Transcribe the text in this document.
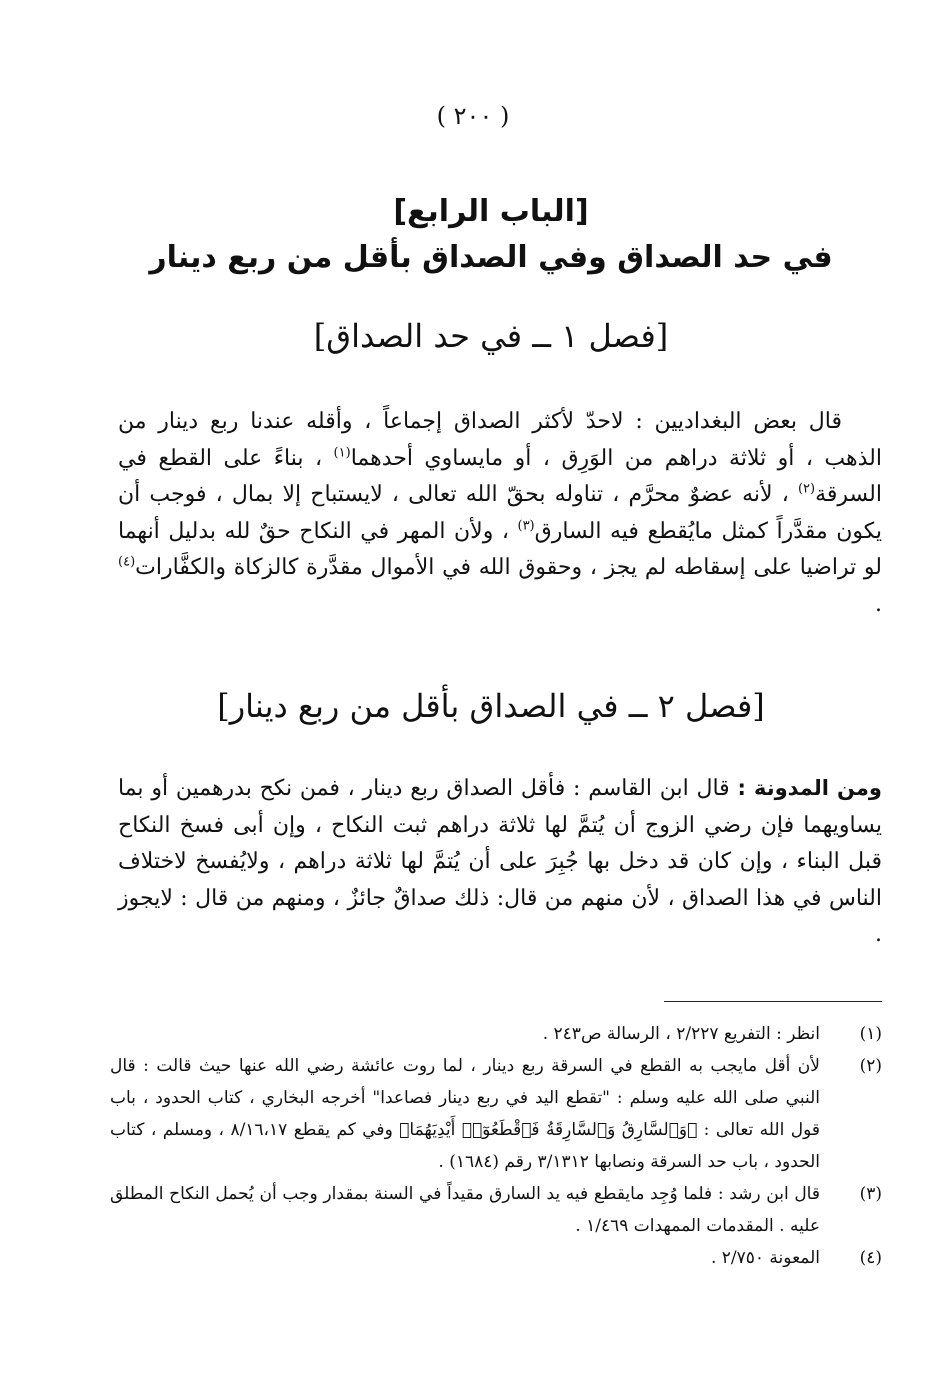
( ٢٠٠ )
[الباب الرابع]
في حد الصداق وفي الصداق بأقل من ربع دينار
[فصل ١ ــ في حد الصداق]
قال بعض البغداديين : لاحدّ لأكثر الصداق إجماعاً ، وأقله عندنا ربع دينار من الذهب ، أو ثلاثة دراهم من الوَرِق ، أو مايساوي أحدهما$^{(١)}$ ، بناءً على القطع في السرقة$^{(٢)}$ ، لأنه عضوٌ محرَّم ، تناوله بحقّ الله تعالى ، لايستباح إلا بمال ، فوجب أن يكون مقدَّراً كمثل مايُقطع فيه السارق$^{(٣)}$ ، ولأن المهر في النكاح حقٌ لله بدليل أنهما لو تراضيا على إسقاطه لم يجز ، وحقوق الله في الأموال مقدَّرة كالزكاة والكفَّارات$^{(٤)}$ .
[فصل ٢ ــ في الصداق بأقل من ربع دينار]
ومن المدونة : قال ابن القاسم : فأقل الصداق ربع دينار ، فمن نكح بدرهمين أو بما يساويهما فإن رضي الزوج أن يُتمَّ لها ثلاثة دراهم ثبت النكاح ، وإن أبى فسخ النكاح قبل البناء ، وإن كان قد دخل بها جُبِرَ على أن يُتمَّ لها ثلاثة دراهم ، ولايُفسخ لاختلاف الناس في هذا الصداق ، لأن منهم من قال: ذلك صداقٌ جائزٌ ، ومنهم من قال : لايجوز .
(١)
انظر : التفريع ٢/٢٢٧ ، الرسالة ص٢٤٣ .
(٢)
لأن أقل مايجب به القطع في السرقة ربع دينار ، لما روت عائشة رضي الله عنها حيث قالت : قال النبي صلى الله عليه وسلم : "تقطع اليد في ربع دينار فصاعدا" أخرجه البخاري ، كتاب الحدود ، باب قول الله تعالى : ﴿وَٱلسَّارِقُ وَٱلسَّارِقَةُ فَٱقْطَعُوٓا۟ أَيْدِيَهُمَا﴾ وفي كم يقطع ٨/١٦،١٧ ، ومسلم ، كتاب الحدود ، باب حد السرقة ونصابها ٣/١٣١٢ رقم (١٦٨٤) .
(٣)
قال ابن رشد : فلما وُجِد مايقطع فيه يد السارق مقيداً في السنة بمقدار وجب أن يُحمل النكاح المطلق عليه . المقدمات الممهدات ١/٤٦٩ .
(٤)
المعونة ٢/٧٥٠ .
